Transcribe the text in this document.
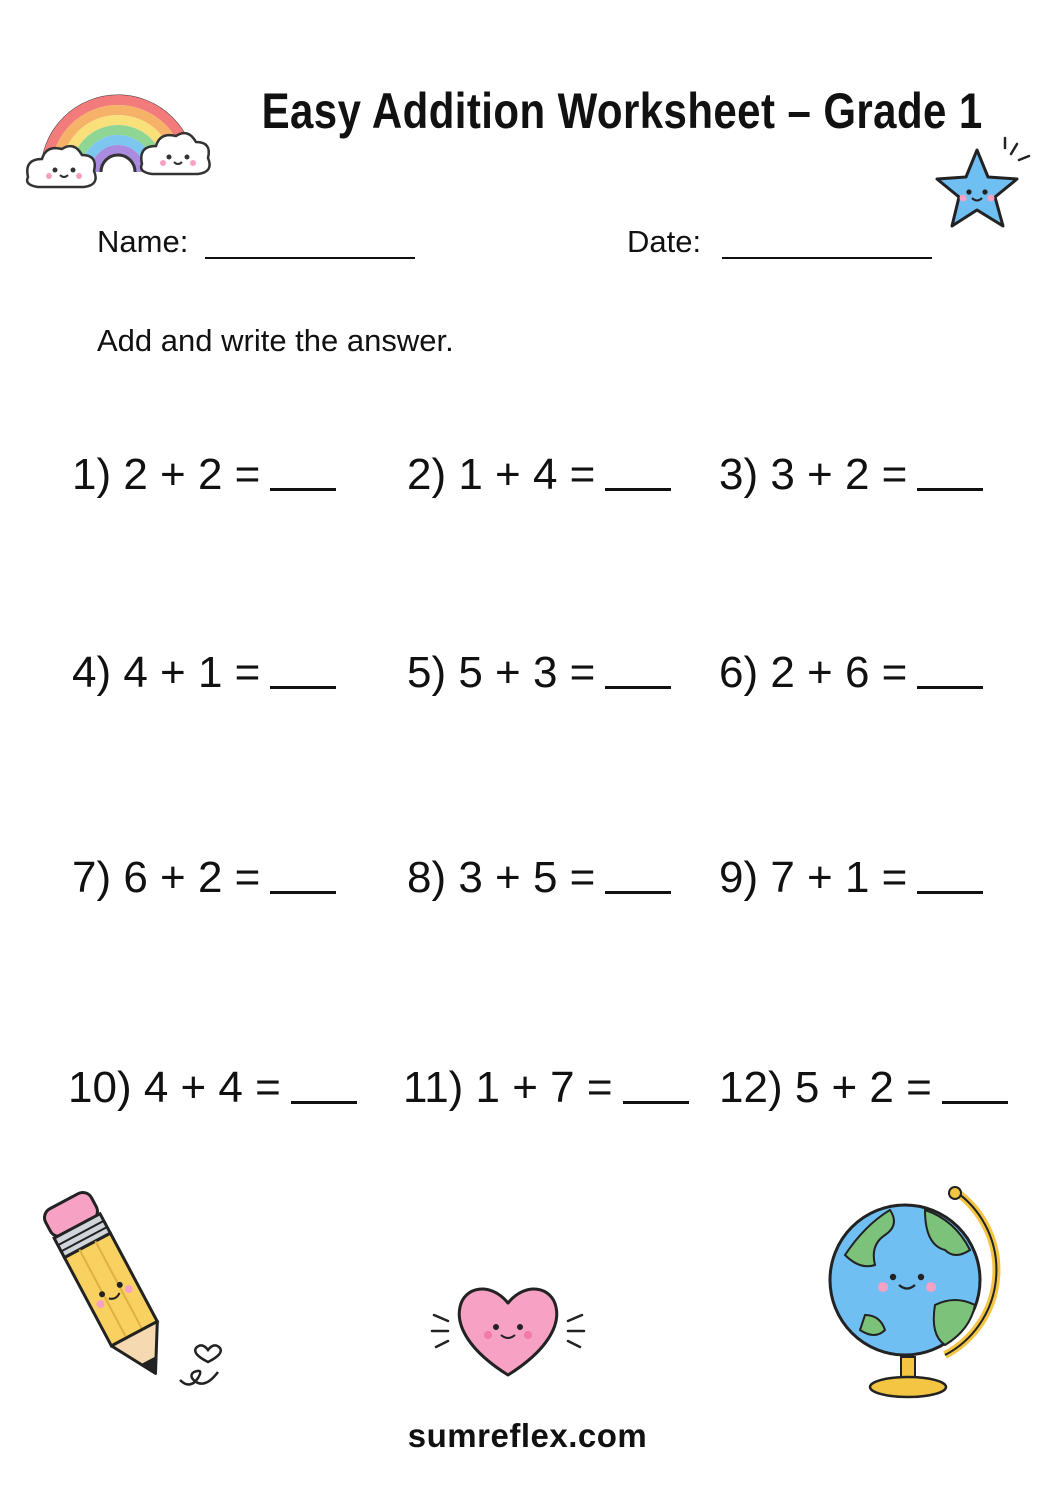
Easy Addition Worksheet – Grade 1
Name:	Date:
Add and write the answer.
1) 2 + 2 =	2) 1 + 4 =	3) 3 + 2 =
4) 4 + 1 =	5) 5 + 3 =	6) 2 + 6 =
7) 6 + 2 =	8) 3 + 5 =	9) 7 + 1 =
10) 4 + 4 =	11) 1 + 7 = 12) 5 + 2 =
sumreflex.com
